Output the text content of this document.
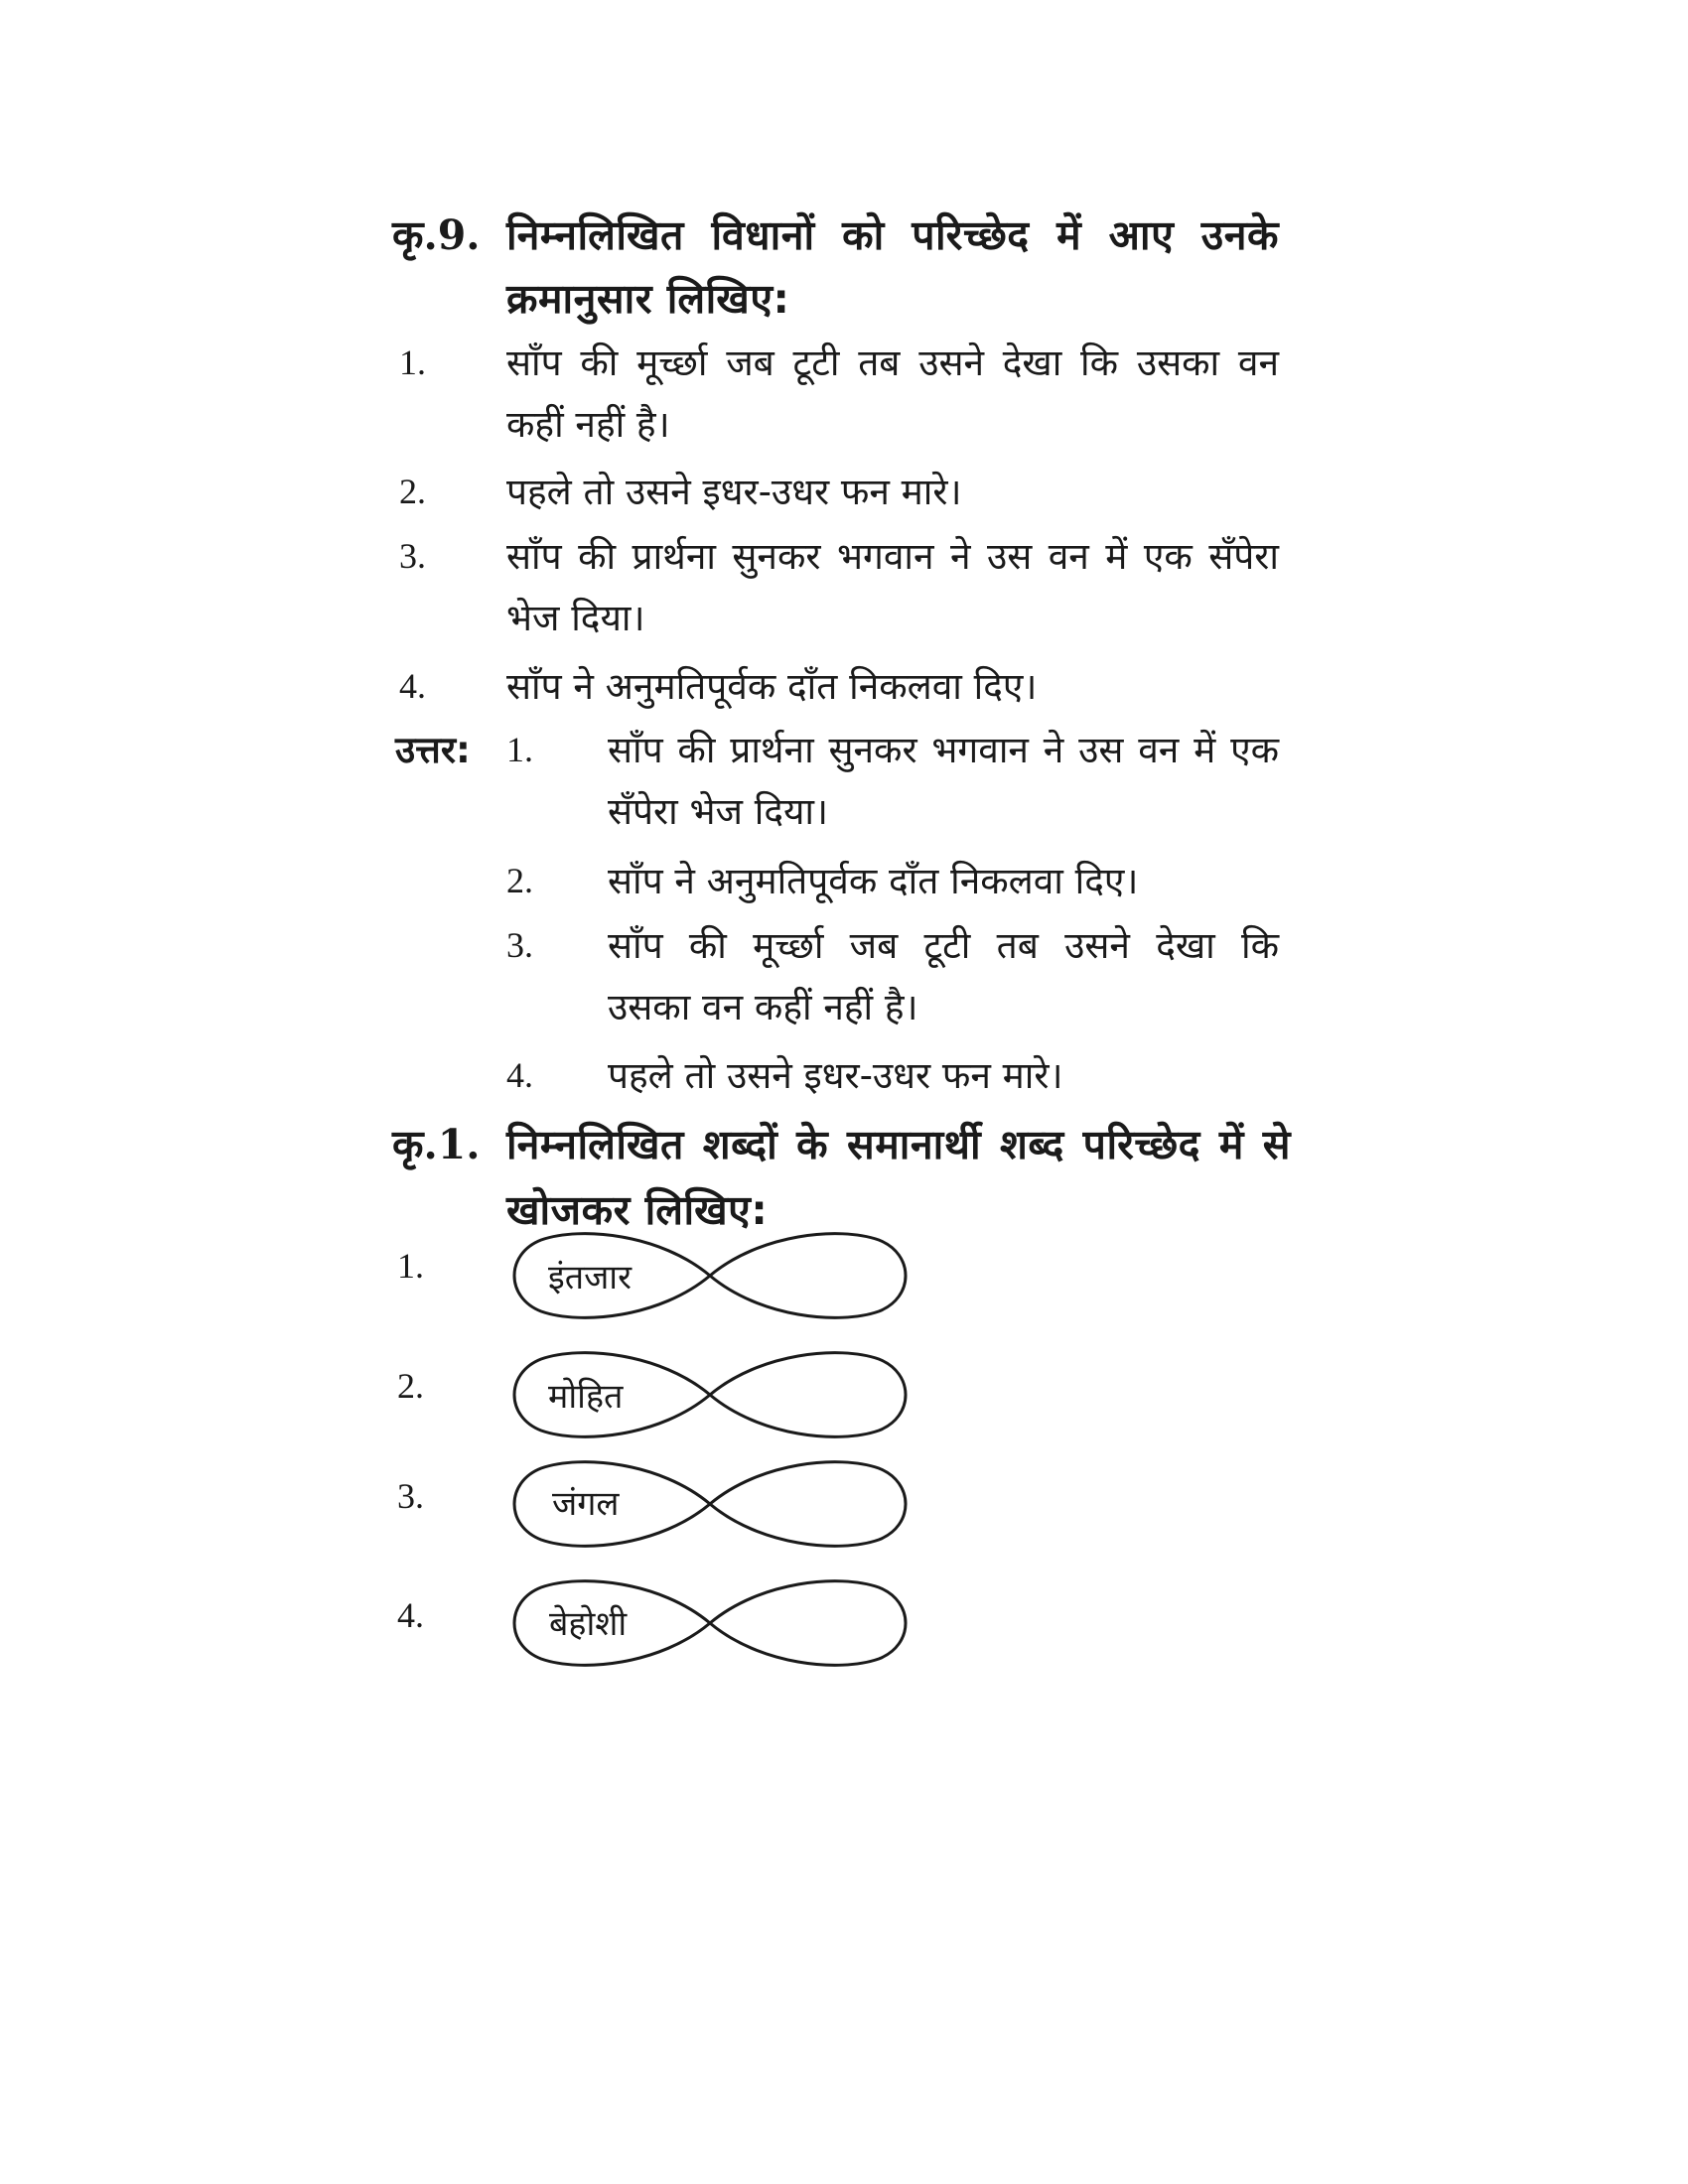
कृ.9. निम्नलिखित विधानों को परिच्छेद में आए उनके
क्रमानुसार लिखिए:
1. साँप की मूर्च्छा जब टूटी तब उसने देखा कि उसका वन
कहीं नहीं है।
2. पहले तो उसने इधर-उधर फन मारे।
3. साँप की प्रार्थना सुनकर भगवान ने उस वन में एक सँपेरा
भेज दिया।
4. साँप ने अनुमतिपूर्वक दाँत निकलवा दिए।
उत्तर: 1. साँप की प्रार्थना सुनकर भगवान ने उस वन में एक
सँपेरा भेज दिया।
2. साँप ने अनुमतिपूर्वक दाँत निकलवा दिए।
3. साँप की मूर्च्छा जब टूटी तब उसने देखा कि
उसका वन कहीं नहीं है।
4. पहले तो उसने इधर-उधर फन मारे।
कृ.1. निम्नलिखित शब्दों के समानार्थी शब्द परिच्छेद में से
खोजकर लिखिए:
1.	इंतजार
2.	मोहित
3.	जंगल
4.	बेहोशी
